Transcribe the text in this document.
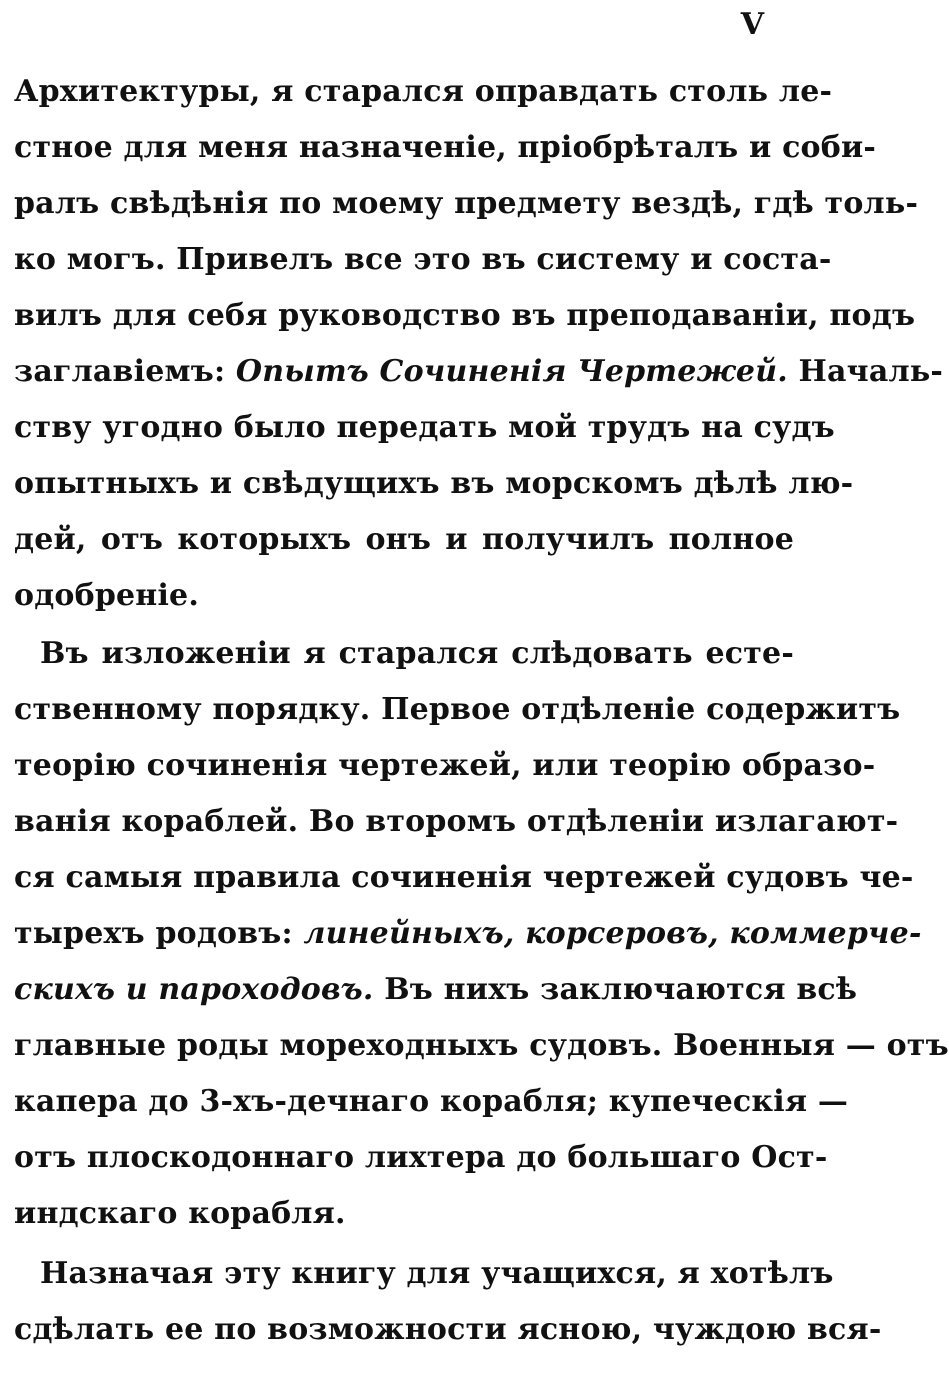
V
Архитектуры, я старался оправдать столь ле-
стное для меня назначеніе, пріобрѣталъ и соби-
ралъ свѣдѣнія по моему предмету вездѣ, гдѣ толь-
ко могъ. Привелъ все это въ систему и соста-
вилъ для себя руководство въ преподаваніи, подъ
заглавіемъ: Опытъ Сочиненія Чертежей. Началь-
ству угодно было передать мой трудъ на судъ
опытныхъ и свѣдущихъ въ морскомъ дѣлѣ лю-
дей, отъ которыхъ онъ и получилъ полное
одобреніе.
Въ изложеніи я старался слѣдовать есте-
ственному порядку. Первое отдѣленіе содержитъ
теорію сочиненія чертежей, или теорію образо-
ванія кораблей. Во второмъ отдѣленіи излагают-
ся самыя правила сочиненія чертежей судовъ че-
тырехъ родовъ: линейныхъ, корсеровъ, коммерче-
скихъ и пароходовъ. Въ нихъ заключаются всѣ
главные роды мореходныхъ судовъ. Военныя — отъ
капера до 3-хъ-дечнаго корабля; купеческія —
отъ плоскодоннаго лихтера до большаго Ост-
индскаго корабля.
Назначая эту книгу для учащихся, я хотѣлъ
сдѣлать ее по возможности ясною, чуждою вся-
